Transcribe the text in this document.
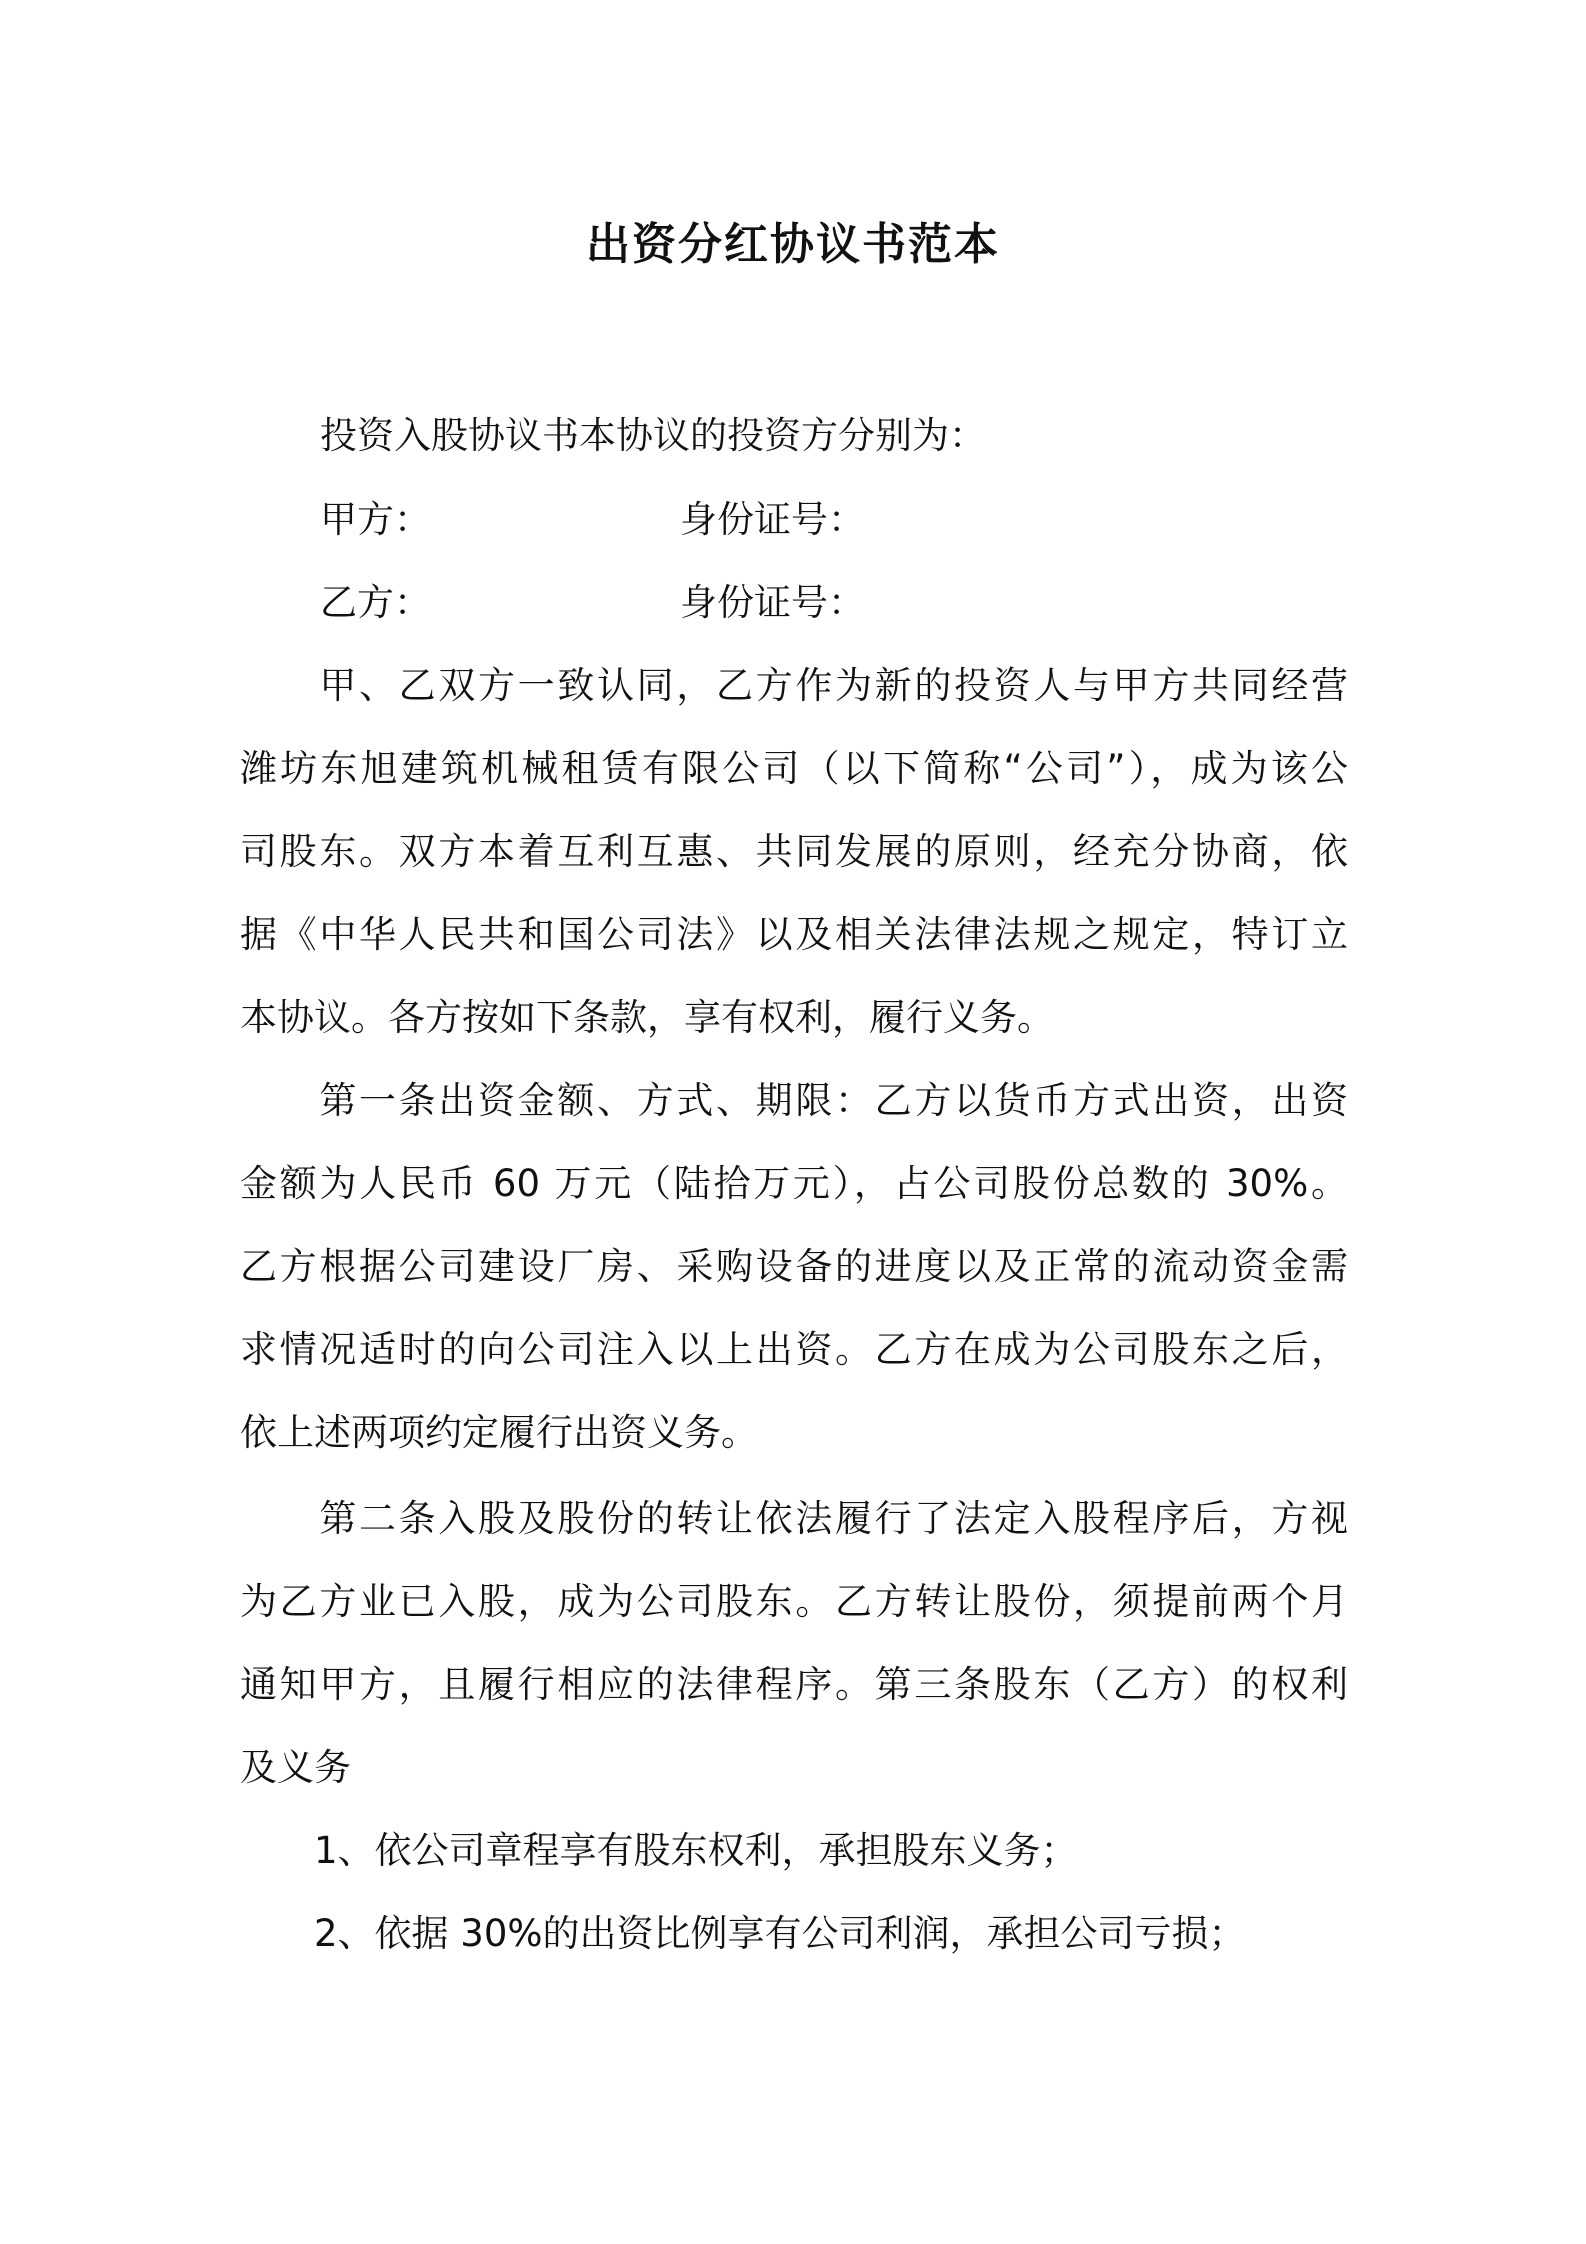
出资分红协议书范本
投资入股协议书本协议的投资方分别为：
甲方：	身份证号：
乙方：	身份证号：
　　甲、乙双方一致认同，乙方作为新的投资人与甲方共同经营
潍坊东旭建筑机械租赁有限公司（以下简称“公司”），成为该公
司股东。双方本着互利互惠、共同发展的原则，经充分协商，依
据《中华人民共和国公司法》以及相关法律法规之规定，特订立
本协议。各方按如下条款，享有权利，履行义务。
　　第一条出资金额、方式、期限：乙方以货币方式出资，出资
金额为人民币 60 万元（陆拾万元），占公司股份总数的 30%。
乙方根据公司建设厂房、采购设备的进度以及正常的流动资金需
求情况适时的向公司注入以上出资。乙方在成为公司股东之后，
依上述两项约定履行出资义务。
　　第二条入股及股份的转让依法履行了法定入股程序后，方视
为乙方业已入股，成为公司股东。乙方转让股份，须提前两个月
通知甲方，且履行相应的法律程序。第三条股东（乙方）的权利
及义务
　　1、依公司章程享有股东权利，承担股东义务；
　　2、依据 30%的出资比例享有公司利润，承担公司亏损；
